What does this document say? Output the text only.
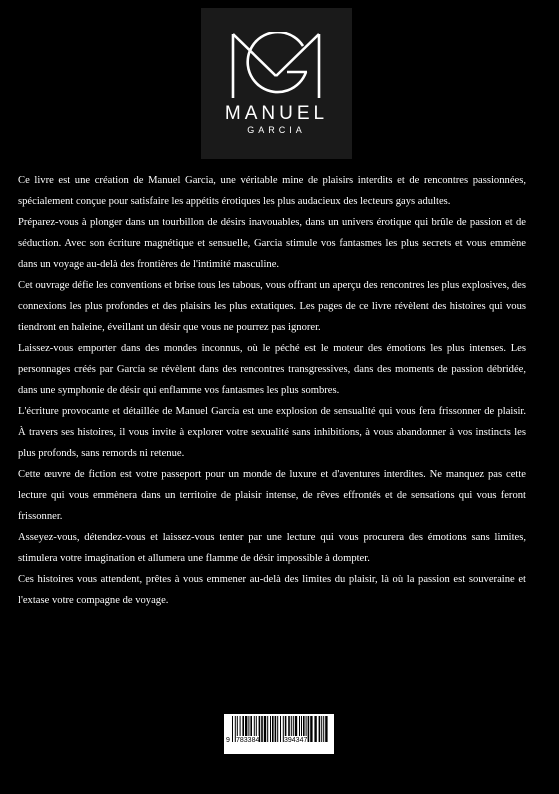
MANUEL
GARCIA

Ce livre est une création de Manuel Garcia, une véritable mine de plaisirs interdits et de rencontres passionnées, spécialement conçue pour satisfaire les appétits érotiques les plus audacieux des lecteurs gays adultes.

Préparez-vous à plonger dans un tourbillon de désirs inavouables, dans un univers érotique qui brûle de passion et de séduction. Avec son écriture magnétique et sensuelle, Garcia stimule vos fantasmes les plus secrets et vous emmène dans un voyage au-delà des frontières de l'intimité masculine.

Cet ouvrage défie les conventions et brise tous les tabous, vous offrant un aperçu des rencontres les plus explosives, des connexions les plus profondes et des plaisirs les plus extatiques. Les pages de ce livre révèlent des histoires qui vous tiendront en haleine, éveillant un désir que vous ne pourrez pas ignorer.

Laissez-vous emporter dans des mondes inconnus, où le péché est le moteur des émotions les plus intenses. Les personnages créés par García se révèlent dans des rencontres transgressives, dans des moments de passion débridée, dans une symphonie de désir qui enflamme vos fantasmes les plus sombres.

L'écriture provocante et détaillée de Manuel García est une explosion de sensualité qui vous fera frissonner de plaisir. À travers ses histoires, il vous invite à explorer votre sexualité sans inhibitions, à vous abandonner à vos instincts les plus profonds, sans remords ni retenue.

Cette œuvre de fiction est votre passeport pour un monde de luxure et d'aventures interdites. Ne manquez pas cette lecture qui vous emmènera dans un territoire de plaisir intense, de rêves effrontés et de sensations qui vous feront frissonner.

Asseyez-vous, détendez-vous et laissez-vous tenter par une lecture qui vous procurera des émotions sans limites, stimulera votre imagination et allumera une flamme de désir impossible à dompter.

Ces histoires vous attendent, prêtes à vous emmener au-delà des limites du plaisir, là où la passion est souveraine et l'extase votre compagne de voyage.

9 783384	394347
